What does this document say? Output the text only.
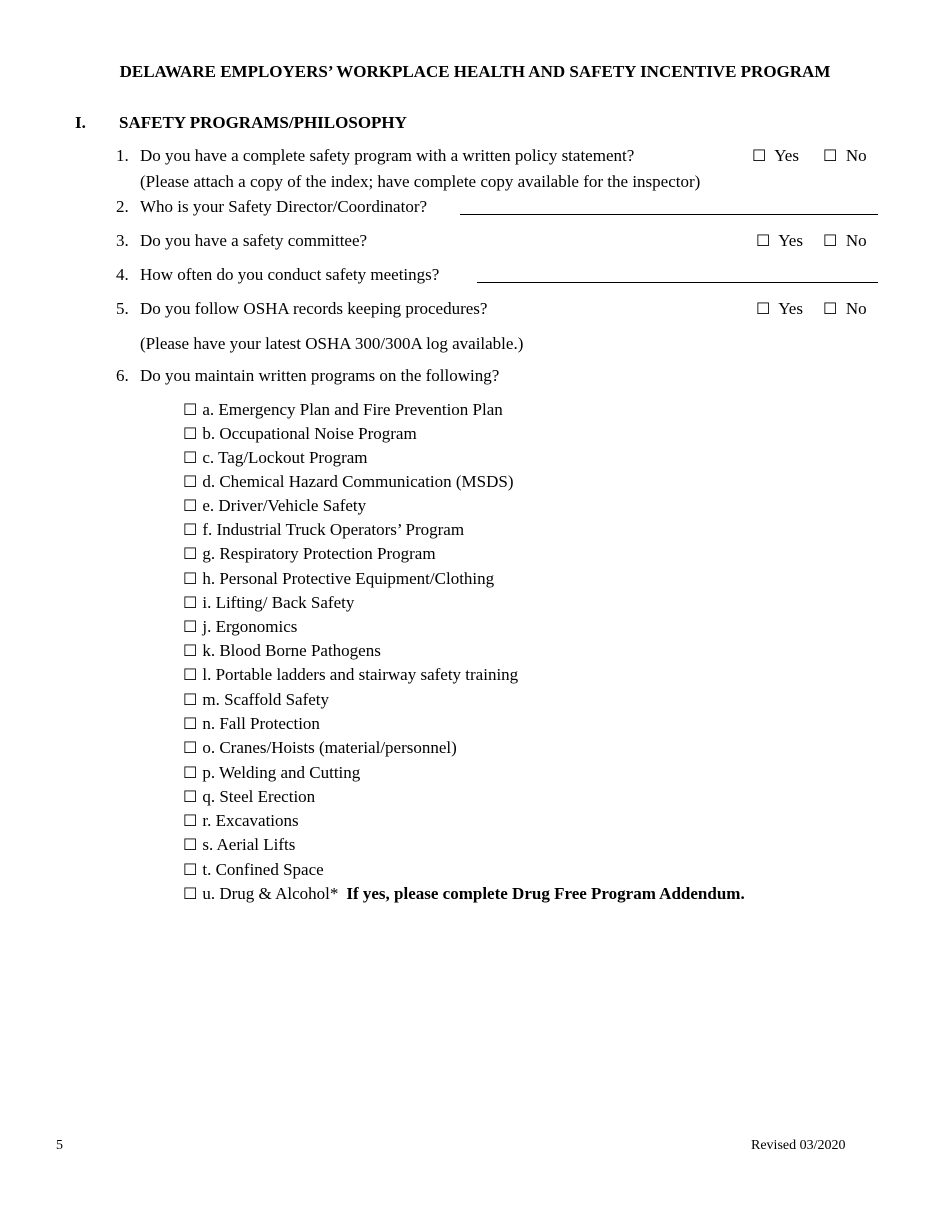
DELAWARE EMPLOYERS’ WORKPLACE HEALTH AND SAFETY INCENTIVE PROGRAM
I. SAFETY PROGRAMS/PHILOSOPHY
1. Do you have a complete safety program with a written policy statement?	☐ Yes ☐ No
(Please attach a copy of the index; have complete copy available for the inspector)
2. Who is your Safety Director/Coordinator?
3. Do you have a safety committee?	☐ Yes ☐ No
4. How often do you conduct safety meetings?
5. Do you follow OSHA records keeping procedures?	☐ Yes ☐ No
(Please have your latest OSHA 300/300A log available.)
6. Do you maintain written programs on the following?
☐ a. Emergency Plan and Fire Prevention Plan
☐ b. Occupational Noise Program
☐ c. Tag/Lockout Program
☐ d. Chemical Hazard Communication (MSDS)
☐ e. Driver/Vehicle Safety
☐ f. Industrial Truck Operators’ Program
☐ g. Respiratory Protection Program
☐ h. Personal Protective Equipment/Clothing
☐ i. Lifting/ Back Safety
☐ j. Ergonomics
☐ k. Blood Borne Pathogens
☐ l. Portable ladders and stairway safety training
☐ m. Scaffold Safety
☐ n. Fall Protection
☐ o. Cranes/Hoists (material/personnel)
☐ p. Welding and Cutting
☐ q. Steel Erection
☐ r. Excavations
☐ s. Aerial Lifts
☐ t. Confined Space
☐ u. Drug & Alcohol* If yes, please complete Drug Free Program Addendum.
5	Revised 03/2020
